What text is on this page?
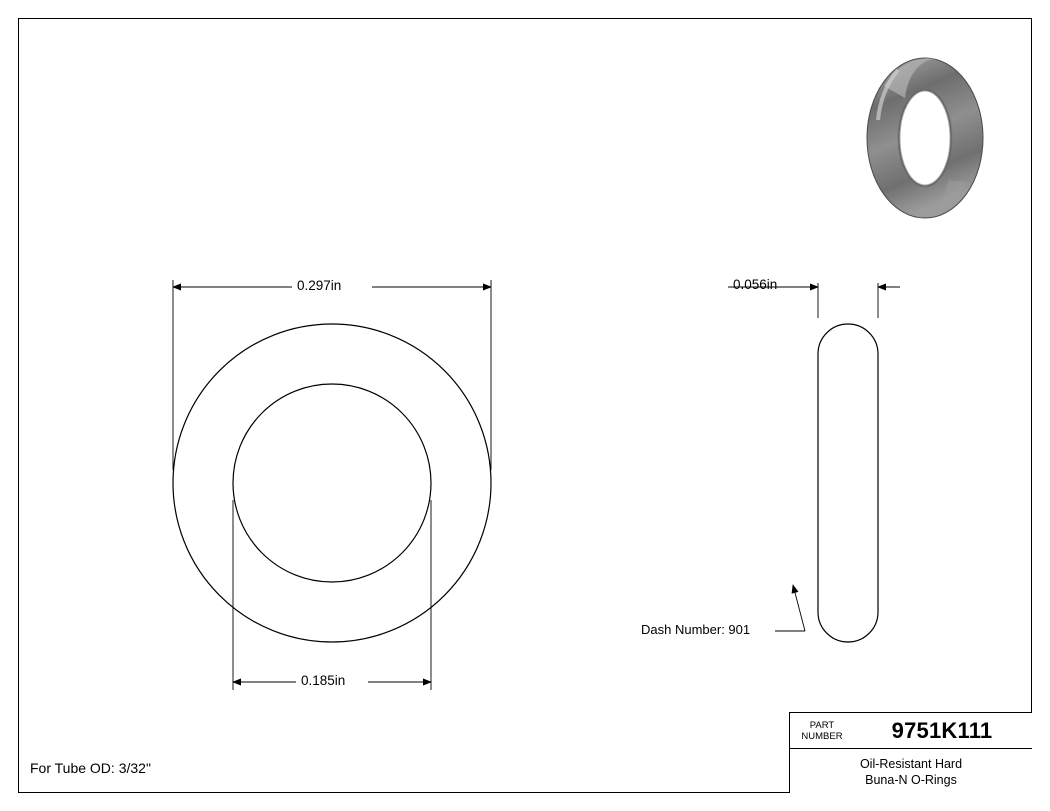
0.297in
0.185in
0.056in
Dash Number: 901
For Tube OD: 3/32"
PART
NUMBER	9751K111
Oil-Resistant Hard
Buna-N O-Rings
